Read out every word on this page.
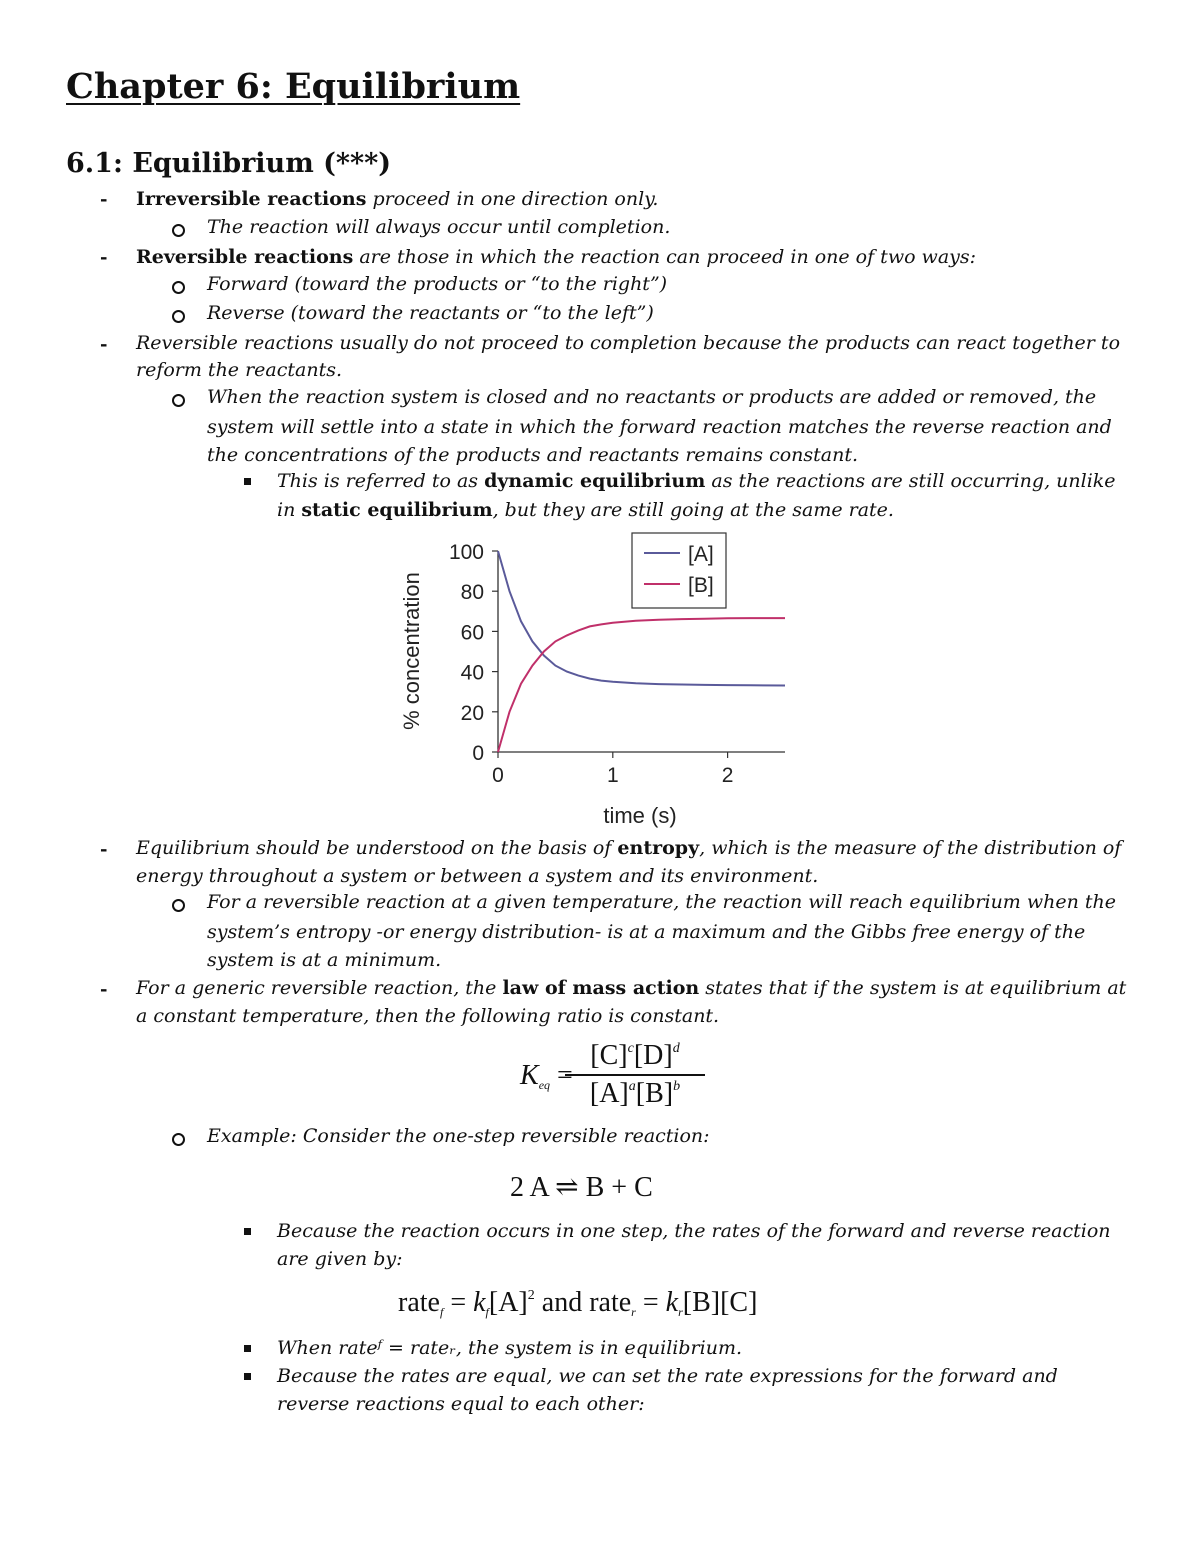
Chapter 6: Equilibrium
6.1: Equilibrium (***)
-
-
-
-
-
Irreversible reactions proceed in one direction only.
The reaction will always occur until completion.
Reversible reactions are those in which the reaction can proceed in one of two ways:
Forward (toward the products or “to the right”)
Reverse (toward the reactants or “to the left”)
Reversible reactions usually do not proceed to completion because the products can react together to
reform the reactants.
When the reaction system is closed and no reactants or products are added or removed, the
system will settle into a state in which the forward reaction matches the reverse reaction and
the concentrations of the products and reactants remains constant.
This is referred to as dynamic equilibrium as the reactions are still occurring, unlike
in static equilibrium, but they are still going at the same rate.
% concentration
time (s)
0
20
40
60
80
100
0	1	2
[A]
[B]
Equilibrium should be understood on the basis of entropy, which is the measure of the distribution of
energy throughout a system or between a system and its environment.
For a reversible reaction at a given temperature, the reaction will reach equilibrium when the
system’s entropy -or energy distribution- is at a maximum and the Gibbs free energy of the
system is at a minimum.
For a generic reversible reaction, the law of mass action states that if the system is at equilibrium at
a constant temperature, then the following ratio is constant.
$K_{eq}$ =
$\frac{[C]^c[D]^d}{[A]^a[B]^b}$
Example: Consider the one-step reversible reaction:
2 A ⇌ B + C
Because the reaction occurs in one step, the rates of the forward and reverse reaction
are given by:
rate$_f$ = $k_f[A]^2$ and rate$_r$ = $k_r[B][C]$
When rateᶠ = rateᵣ, the system is in equilibrium.
Because the rates are equal, we can set the rate expressions for the forward and
reverse reactions equal to each other:
